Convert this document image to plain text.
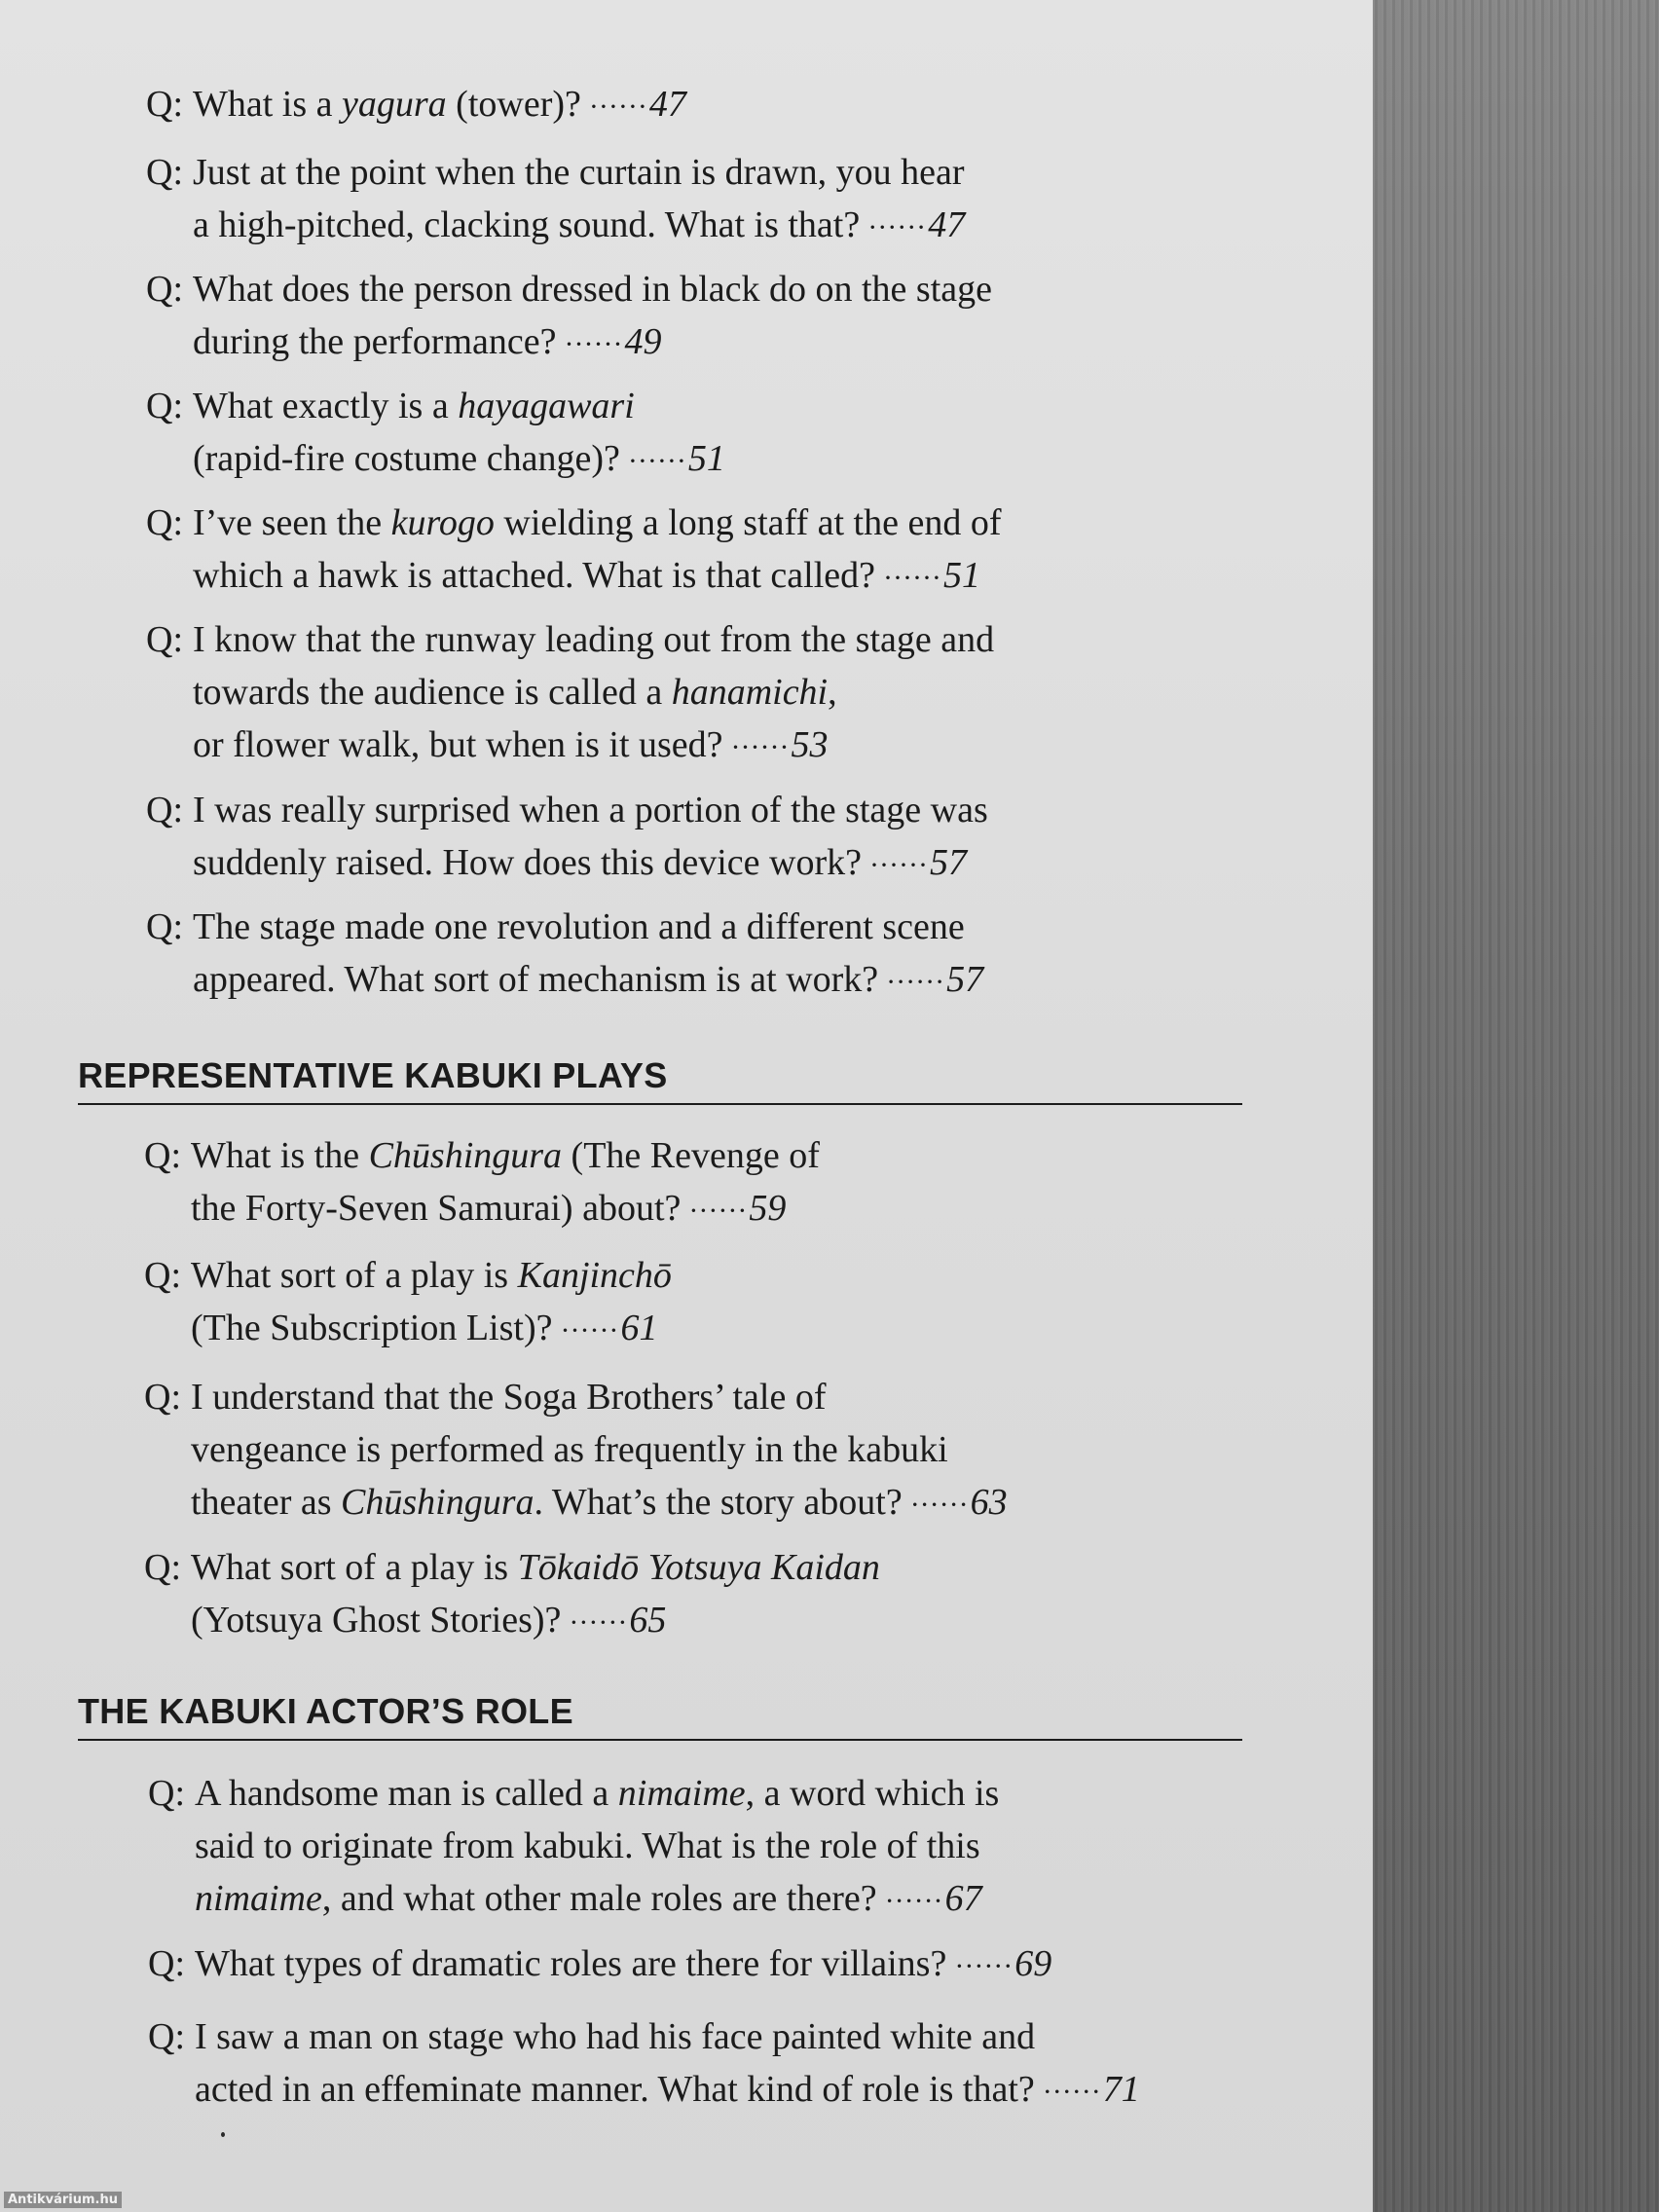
REPRESENTATIVE KABUKI PLAYS
THE KABUKI ACTOR’S ROLE
Q: What is a yagura (tower)? ······47
Q: Just at the point when the curtain is drawn, you hear
a high-pitched, clacking sound. What is that? ······47
Q: What does the person dressed in black do on the stage
during the performance? ······49
Q: What exactly is a hayagawari
(rapid-fire costume change)? ······51
Q: I’ve seen the kurogo wielding a long staff at the end of
which a hawk is attached. What is that called? ······51
Q: I know that the runway leading out from the stage and
towards the audience is called a hanamichi,
or flower walk, but when is it used? ······53
Q: I was really surprised when a portion of the stage was
suddenly raised. How does this device work? ······57
Q: The stage made one revolution and a different scene
appeared. What sort of mechanism is at work? ······57
Q: What is the Chūshingura (The Revenge of
the Forty-Seven Samurai) about? ······59
Q: What sort of a play is Kanjinchō
(The Subscription List)? ······61
Q: I understand that the Soga Brothers’ tale of
vengeance is performed as frequently in the kabuki
theater as Chūshingura. What’s the story about? ······63
Q: What sort of a play is Tōkaidō Yotsuya Kaidan
(Yotsuya Ghost Stories)? ······65
Q: A handsome man is called a nimaime, a word which is
said to originate from kabuki. What is the role of this
nimaime, and what other male roles are there? ······67
Q: What types of dramatic roles are there for villains? ······69
Q: I saw a man on stage who had his face painted white and
acted in an effeminate manner. What kind of role is that? ······71
Antikvárium.hu
